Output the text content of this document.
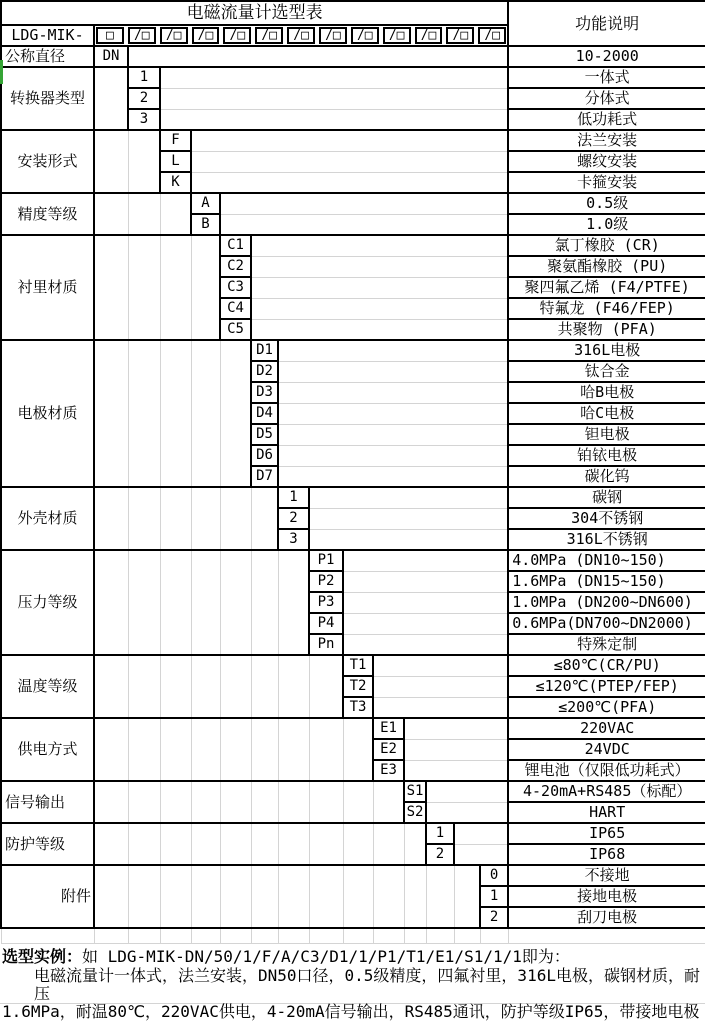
电磁流量计选型表															功能说明
LDG-MIK-	□	/□	/□	/□	/□	/□	/□	/□	/□	/□	/□	/□	/□

公称直径	DN														10-2000
转换器类型		1													一体式
		2													分体式
		3													低功耗式
安装形式			F												法兰安装
			L												螺纹安装
			K												卡箍安装
精度等级				A											0.5级
				B											1.0级
衬里材质					C1										氯丁橡胶 (CR)
					C2										聚氨酯橡胶 (PU)
					C3										聚四氟乙烯 (F4/PTFE)
					C4										特氟龙 (F46/FEP)
					C5										共聚物 (PFA)
电极材质						D1									316L电极
						D2									钛合金
						D3									哈B电极
						D4									哈C电极
						D5									钽电极
						D6									铂铱电极
						D7									碳化钨
外壳材质							1								碳钢
							2								304不锈钢
							3								316L不锈钢
压力等级								P1							4.0MPa (DN10~150)
								P2							1.6MPa (DN15~150)
								P3							1.0MPa (DN200~DN600)
								P4							0.6MPa(DN700~DN2000)
								Pn							特殊定制
温度等级									T1						≤80℃(CR/PU)
									T2						≤120℃(PTEP/FEP)
									T3						≤200℃(PFA)
供电方式										E1					220VAC
										E2					24VDC
										E3					锂电池（仅限低功耗式）
信号输出											S1				4-20mA+RS485（标配）
											S2				HART
防护等级												1			IP65
												2			IP68
附件														0	不接地
														1	接地电极
														2	刮刀电极

选型实例：如 LDG-MIK-DN/50/1/F/A/C3/D1/1/P1/T1/E1/S1/1/1即为：
电磁流量计一体式，法兰安装，DN50口径，0.5级精度，四氟衬里，316L电极，碳钢材质，耐压
1.6MPa，耐温80℃，220VAC供电，4-20mA信号输出，RS485通讯，防护等级IP65，带接地电极
